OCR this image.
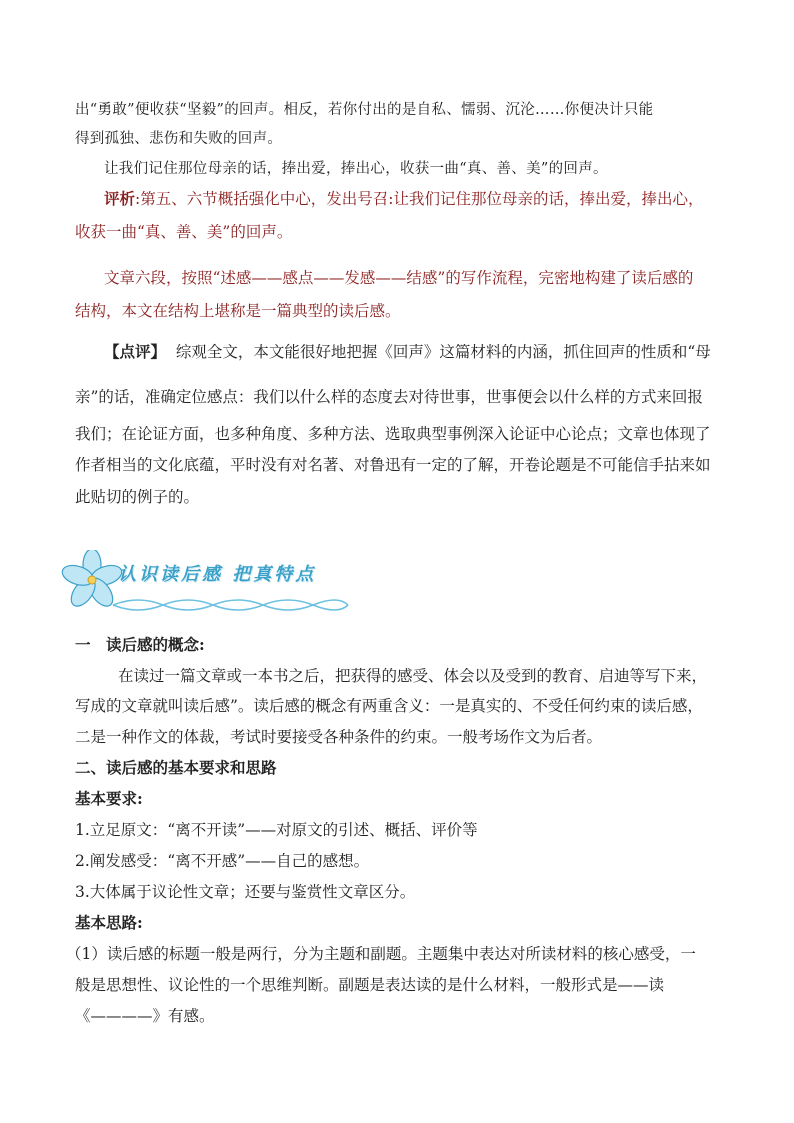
出“勇敢”便收获“坚毅”的回声。相反，若你付出的是自私、懦弱、沉沦……你便决计只能
得到孤独、悲伤和失败的回声。
让我们记住那位母亲的话，捧出爱，捧出心，收获一曲“真、善、美”的回声。
评析:第五、六节概括强化中心，发出号召:让我们记住那位母亲的话，捧出爱，捧出心，
收获一曲“真、善、美”的回声。
文章六段，按照“述感——感点——发感——结感”的写作流程，完密地构建了读后感的
结构，本文在结构上堪称是一篇典型的读后感。
【点评】 综观全文，本文能很好地把握《回声》这篇材料的内涵，抓住回声的性质和“母
亲”的话，准确定位感点：我们以什么样的态度去对待世事，世事便会以什么样的方式来回报
我们；在论证方面，也多种角度、多种方法、选取典型事例深入论证中心论点；文章也体现了
作者相当的文化底蕴，平时没有对名著、对鲁迅有一定的了解，开卷论题是不可能信手拈来如
此贴切的例子的。
认识读后感 把真特点
一　读后感的概念:
在读过一篇文章或一本书之后，把获得的感受、体会以及受到的教育、启迪等写下来，
写成的文章就叫读后感”。读后感的概念有两重含义：一是真实的、不受任何约束的读后感，
二是一种作文的体裁，考试时要接受各种条件的约束。一般考场作文为后者。
二、读后感的基本要求和思路
基本要求:
1.立足原文：“离不开读”——对原文的引述、概括、评价等
2.阐发感受：“离不开感”——自己的感想。
3.大体属于议论性文章；还要与鉴赏性文章区分。
基本思路:
（1）读后感的标题一般是两行，分为主题和副题。主题集中表达对所读材料的核心感受，一
般是思想性、议论性的一个思维判断。副题是表达读的是什么材料，一般形式是——读
《————》有感。
